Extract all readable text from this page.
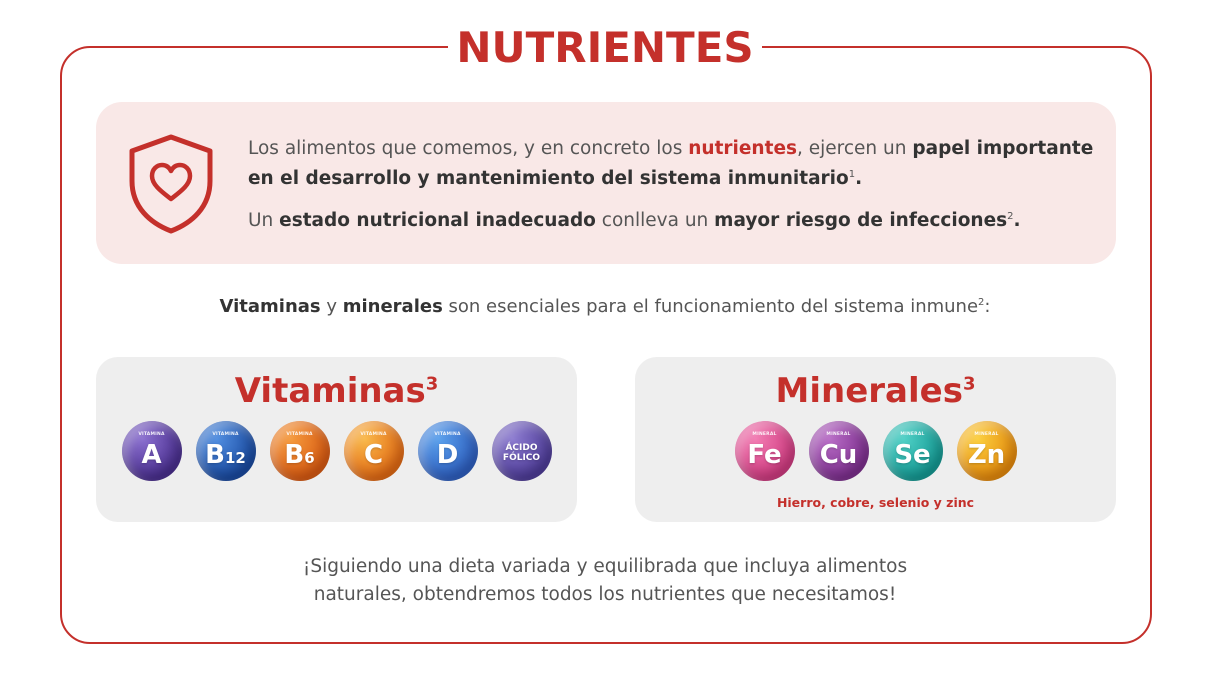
NUTRIENTES

Los alimentos que comemos, y en concreto los nutrientes, ejercen un papel importante en el desarrollo y mantenimiento del sistema inmunitario$^1$.

Un estado nutricional inadecuado conlleva un mayor riesgo de infecciones$^2$.

Vitaminas y minerales son esenciales para el funcionamiento del sistema inmune$^2$:
Vitaminas$^3$
VITAMINA
A
VITAMINA
B12
VITAMINA
B6
VITAMINA
C
VITAMINA
D	ÁCIDO
FÓLICO
Minerales$^3$
MINERAL
Fe
MINERAL
Cu
MINERAL
Se
MINERAL
Zn
Hierro, cobre, selenio y zinc
¡Siguiendo una dieta variada y equilibrada que incluya alimentos
naturales, obtendremos todos los nutrientes que necesitamos!
